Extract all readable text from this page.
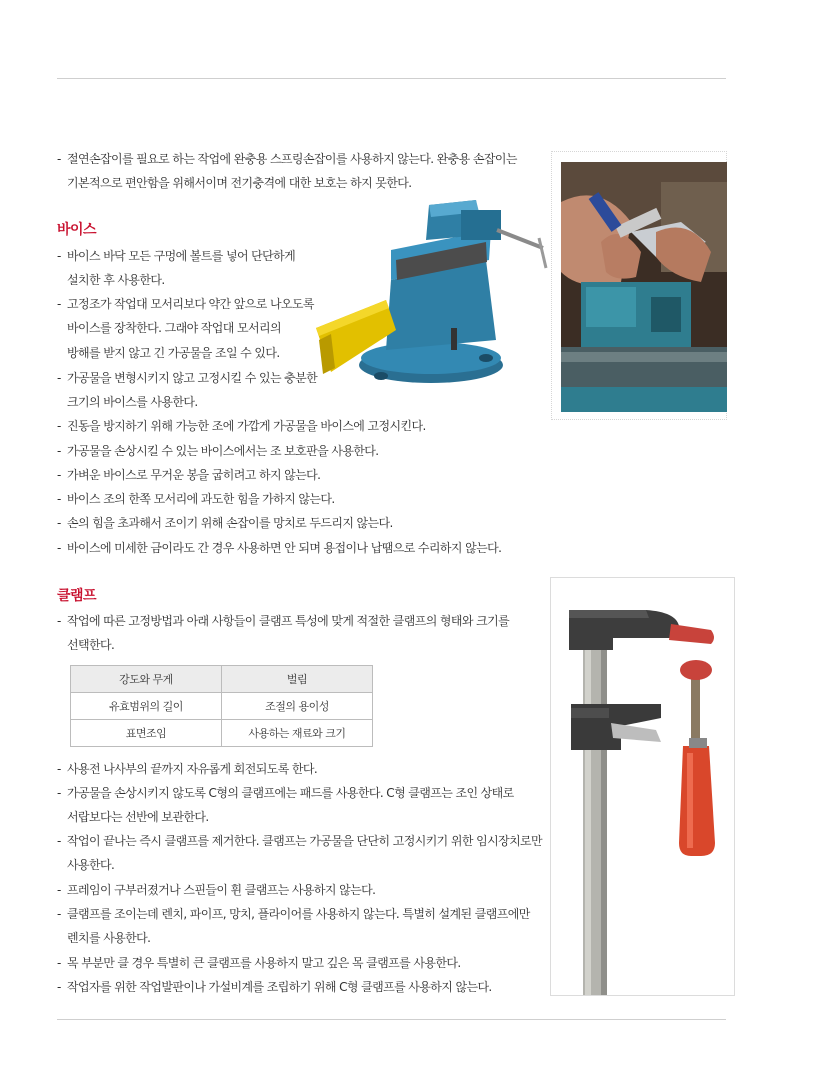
- 절연손잡이를 필요로 하는 작업에 완충용 스프링손잡이를 사용하지 않는다. 완충용 손잡이는
기본적으로 편안함을 위해서이며 전기충격에 대한 보호는 하지 못한다.
바이스
- 바이스 바닥 모든 구멍에 볼트를 넣어 단단하게
설치한 후 사용한다.
- 고정조가 작업대 모서리보다 약간 앞으로 나오도록
바이스를 장착한다. 그래야 작업대 모서리의
방해를 받지 않고 긴 가공물을 조일 수 있다.
- 가공물을 변형시키지 않고 고정시킬 수 있는 충분한
크기의 바이스를 사용한다.
- 진동을 방지하기 위해 가능한 조에 가깝게 가공물을 바이스에 고정시킨다.
- 가공물을 손상시킬 수 있는 바이스에서는 조 보호판을 사용한다.
- 가벼운 바이스로 무거운 봉을 굽히려고 하지 않는다.
- 바이스 조의 한쪽 모서리에 과도한 힘을 가하지 않는다.
- 손의 힘을 초과해서 조이기 위해 손잡이를 망치로 두드리지 않는다.
- 바이스에 미세한 금이라도 간 경우 사용하면 안 되며 용접이나 납땜으로 수리하지 않는다.
클램프
- 작업에 따른 고정방법과 아래 사항들이 클램프 특성에 맞게 적절한 클램프의 형태와 크기를
선택한다.
강도와 무게	벌림
유효범위의 길이	조절의 용이성
표면조임	사용하는 재료와 크기
- 사용전 나사부의 끝까지 자유롭게 회전되도록 한다.
- 가공물을 손상시키지 않도록 C형의 클램프에는 패드를 사용한다. C형 클램프는 조인 상태로
서랍보다는 선반에 보관한다.
- 작업이 끝나는 즉시 클램프를 제거한다. 클램프는 가공물을 단단히 고정시키기 위한 임시장치로만
사용한다.
- 프레임이 구부러졌거나 스핀들이 휜 클램프는 사용하지 않는다.
- 클램프를 조이는데 렌치, 파이프, 망치, 플라이어를 사용하지 않는다. 특별히 설계된 클램프에만
렌치를 사용한다.
- 목 부분만 클 경우 특별히 큰 클램프를 사용하지 말고 깊은 목 클램프를 사용한다.
- 작업자를 위한 작업발판이나 가설비계를 조립하기 위해 C형 클램프를 사용하지 않는다.
